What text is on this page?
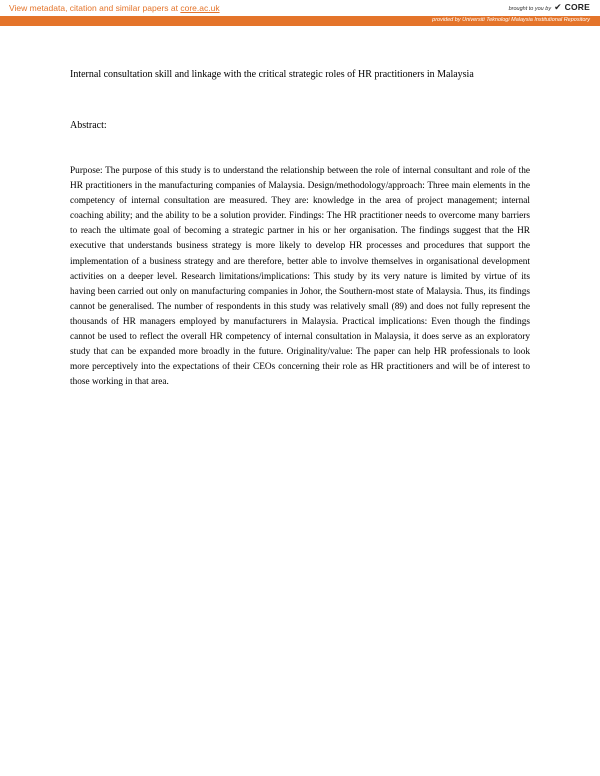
View metadata, citation and similar papers at core.ac.uk	brought to you by ✔ CORE
provided by Universiti Teknologi Malaysia Institutional Repository
Internal consultation skill and linkage with the critical strategic roles of HR practitioners in Malaysia
Abstract:

Purpose: The purpose of this study is to understand the relationship between the role of internal consultant and role of the HR practitioners in the manufacturing companies of Malaysia. Design/methodology/approach: Three main elements in the competency of internal consultation are measured. They are: knowledge in the area of project management; internal coaching ability; and the ability to be a solution provider. Findings: The HR practitioner needs to overcome many barriers to reach the ultimate goal of becoming a strategic partner in his or her organisation. The findings suggest that the HR executive that understands business strategy is more likely to develop HR processes and procedures that support the implementation of a business strategy and are therefore, better able to involve themselves in organisational development activities on a deeper level. Research limitations/implications: This study by its very nature is limited by virtue of its having been carried out only on manufacturing companies in Johor, the Southern-most state of Malaysia. Thus, its findings cannot be generalised. The number of respondents in this study was relatively small (89) and does not fully represent the thousands of HR managers employed by manufacturers in Malaysia. Practical implications: Even though the findings cannot be used to reflect the overall HR competency of internal consultation in Malaysia, it does serve as an exploratory study that can be expanded more broadly in the future. Originality/value: The paper can help HR professionals to look more perceptively into the expectations of their CEOs concerning their role as HR practitioners and will be of interest to those working in that area.
